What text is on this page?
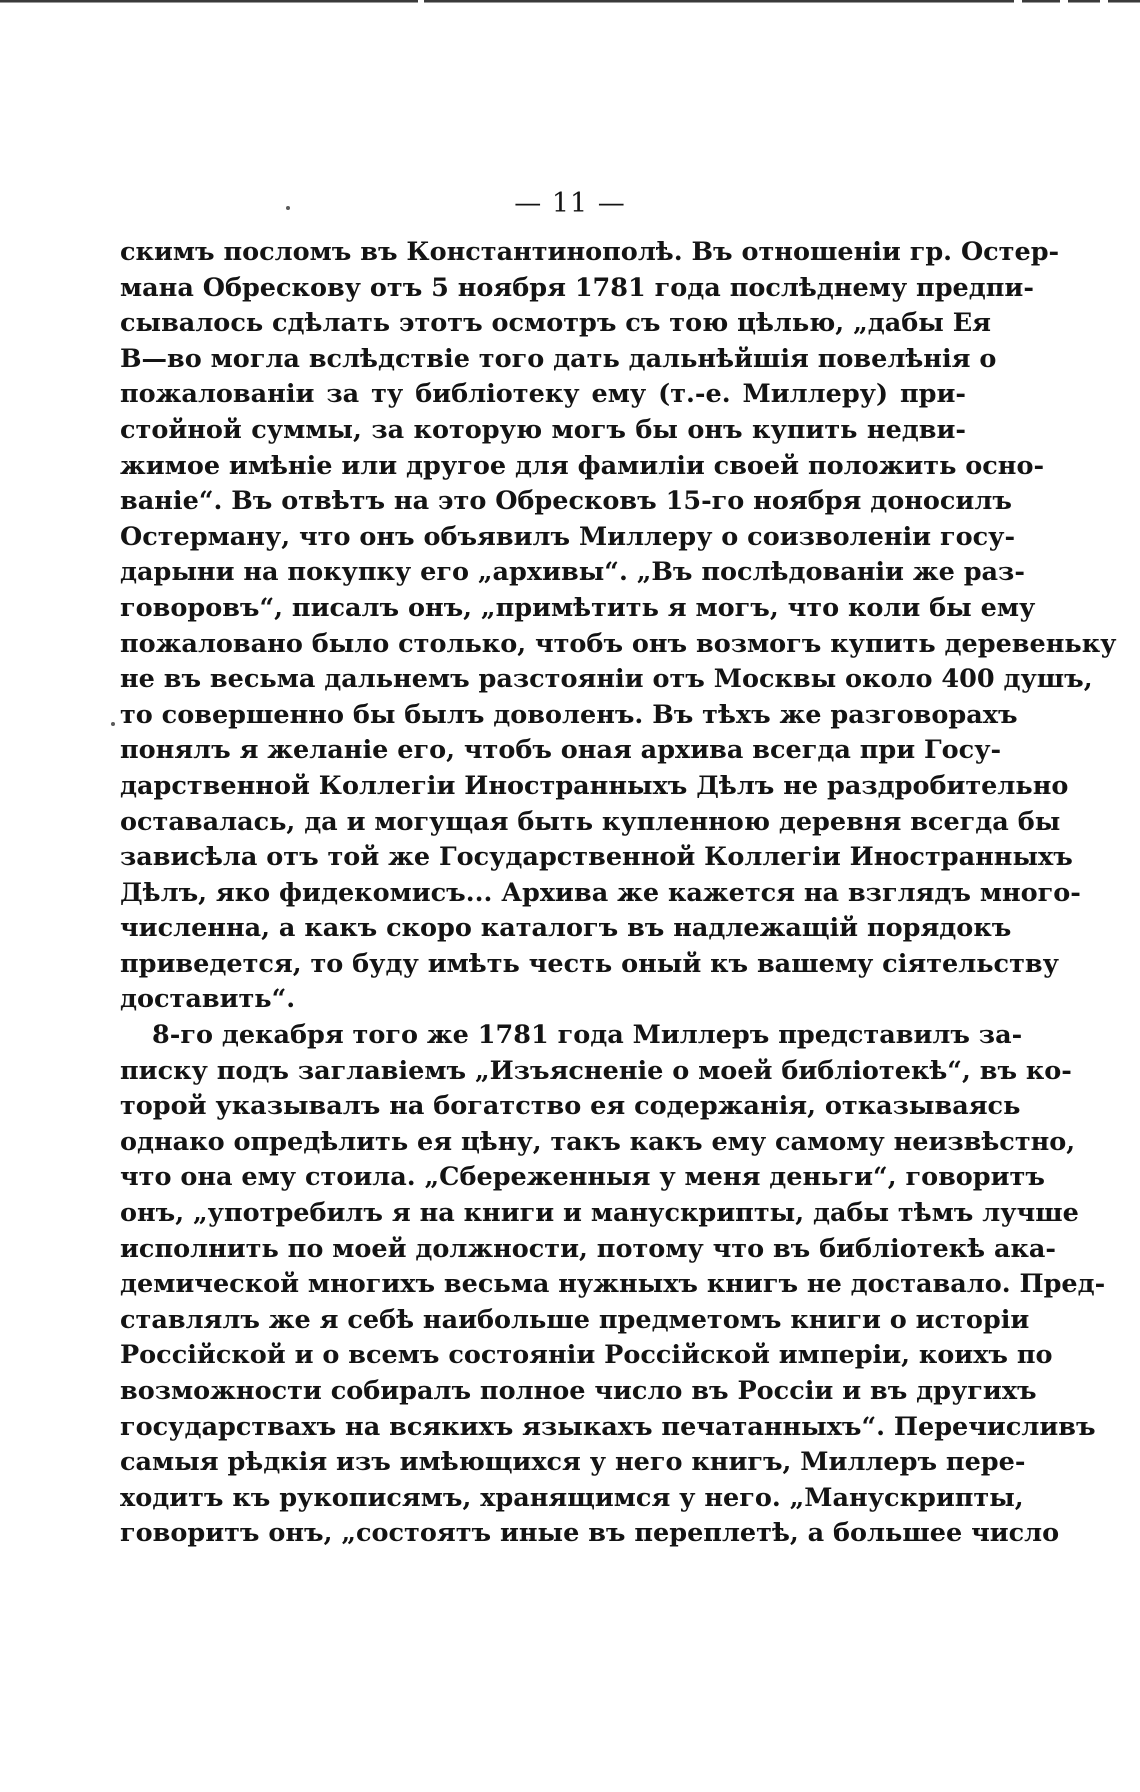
— 11 —
скимъ посломъ въ Константинополѣ. Въ отношенiи гр. Остер-
мана Обрескову отъ 5 ноября 1781 года послѣднему предпи-
сывалось сдѣлать этотъ осмотръ съ тою цѣлью, „дабы Ея
В—во могла вслѣдствiе того дать дальнѣйшiя повелѣнiя о
пожалованiи за ту библiотеку ему (т.-е. Миллеру) при-
стойной суммы, за которую могъ бы онъ купить недви-
жимое имѣнiе или другое для фамилiи своей положить осно-
ванiе“. Въ отвѣтъ на это Обресковъ 15-го ноября доносилъ
Остерману, что онъ объявилъ Миллеру о соизволенiи госу-
дарыни на покупку его „архивы“. „Въ послѣдованiи же раз-
говоровъ“, писалъ онъ, „примѣтить я могъ, что коли бы ему
пожаловано было столько, чтобъ онъ возмогъ купить деревеньку
не въ весьма дальнемъ разстоянiи отъ Москвы около 400 душъ,
то совершенно бы былъ доволенъ. Въ тѣхъ же разговорахъ
понялъ я желанiе его, чтобъ оная архива всегда при Госу-
дарственной Коллегiи Иностранныхъ Дѣлъ не раздробительно
оставалась, да и могущая быть купленною деревня всегда бы
зависѣла отъ той же Государственной Коллегiи Иностранныхъ
Дѣлъ, яко фидекомисъ... Архива же кажется на взглядъ много-
численна, а какъ скоро каталогъ въ надлежащiй порядокъ
приведется, то буду имѣть честь оный къ вашему сiятельству
доставить“.
8-го декабря того же 1781 года Миллеръ представилъ за-
писку подъ заглавiемъ „Изъясненiе о моей библiотекѣ“, въ ко-
торой указывалъ на богатство ея содержанiя, отказываясь
однако опредѣлить ея цѣну, такъ какъ ему самому неизвѣстно,
что она ему стоила. „Сбереженныя у меня деньги“, говоритъ
онъ, „употребилъ я на книги и манускрипты, дабы тѣмъ лучше
исполнить по моей должности, потому что въ библiотекѣ ака-
демической многихъ весьма нужныхъ книгъ не доставало. Пред-
ставлялъ же я себѣ наибольше предметомъ книги о исторiи
Россiйской и о всемъ состоянiи Россiйской имперiи, коихъ по
возможности собиралъ полное число въ Россiи и въ другихъ
государствахъ на всякихъ языкахъ печатанныхъ“. Перечисливъ
самыя рѣдкiя изъ имѣющихся у него книгъ, Миллеръ пере-
ходитъ къ рукописямъ, хранящимся у него. „Манускрипты,
говоритъ онъ, „состоятъ иные въ переплетѣ, а большее число
